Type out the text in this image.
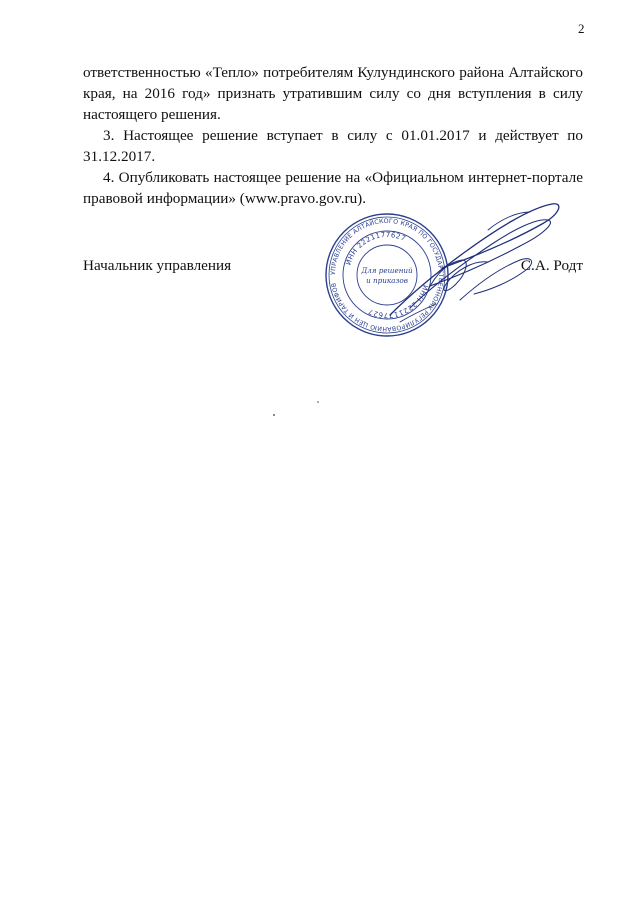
2

ответственностью «Тепло» потребителям Кулундинского района Алтайского края, на 2016 год» признать утратившим силу со дня вступления в силу настоящего решения.

3. Настоящее решение вступает в силу с 01.01.2017 и действует по 31.12.2017.

4. Опубликовать настоящее решение на «Официальном интернет-портале правовой информации» (www.pravo.gov.ru).

Начальник управления	С.А. Родт
УПРАВЛЕНИЕ АЛТАЙСКОГО КРАЯ ПО ГОСУДАРСТВЕННОМУ РЕГУЛИРОВАНИЮ ЦЕН И ТАРИФОВ
ИНН 2221177627
ИНН 2221177627
Для решений
и приказов
